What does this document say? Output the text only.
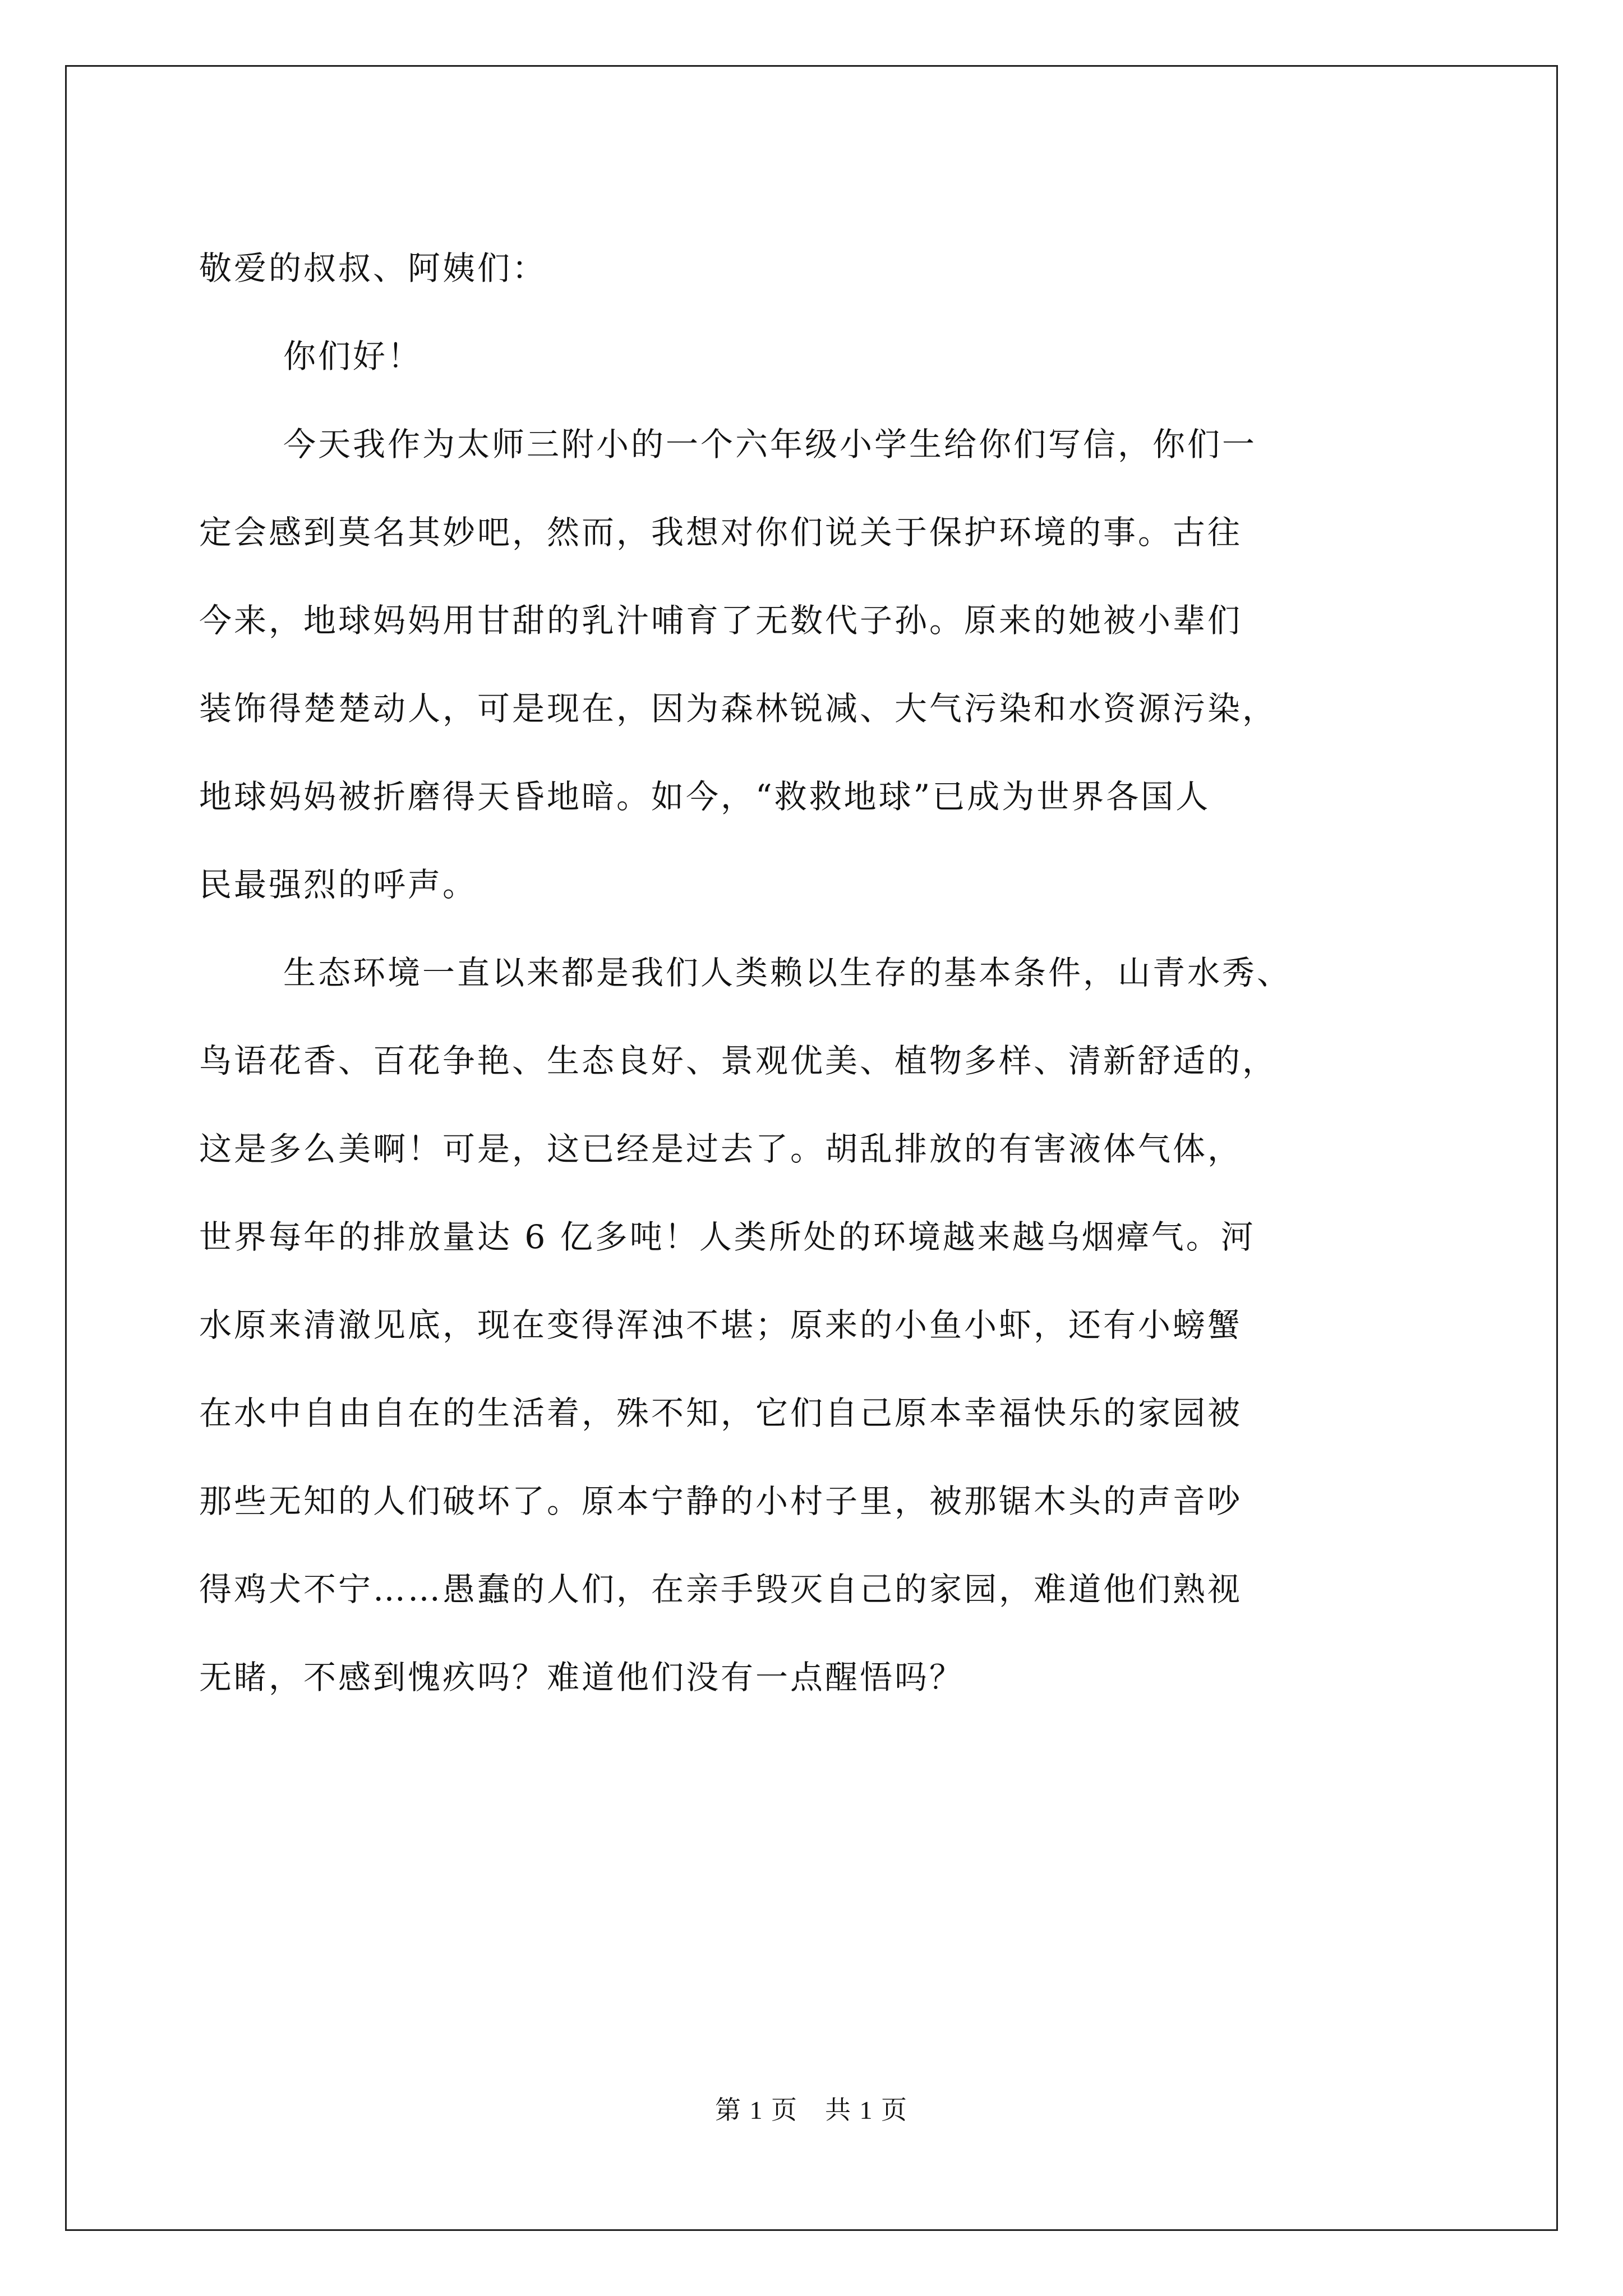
敬爱的叔叔、阿姨们：
你们好！
今天我作为太师三附小的一个六年级小学生给你们写信，你们一
定会感到莫名其妙吧，然而，我想对你们说关于保护环境的事。古往
今来，地球妈妈用甘甜的乳汁哺育了无数代子孙。原来的她被小辈们
装饰得楚楚动人，可是现在，因为森林锐减、大气污染和水资源污染，
地球妈妈被折磨得天昏地暗。如今，“救救地球”已成为世界各国人
民最强烈的呼声。
生态环境一直以来都是我们人类赖以生存的基本条件，山青水秀、
鸟语花香、百花争艳、生态良好、景观优美、植物多样、清新舒适的，
这是多么美啊！可是，这已经是过去了。胡乱排放的有害液体气体，
世界每年的排放量达 6 亿多吨！人类所处的环境越来越乌烟瘴气。河
水原来清澈见底，现在变得浑浊不堪；原来的小鱼小虾，还有小螃蟹
在水中自由自在的生活着，殊不知，它们自己原本幸福快乐的家园被
那些无知的人们破坏了。原本宁静的小村子里，被那锯木头的声音吵
得鸡犬不宁……愚蠢的人们，在亲手毁灭自己的家园，难道他们熟视
无睹，不感到愧疚吗？难道他们没有一点醒悟吗？
第 1 页　共 1 页
